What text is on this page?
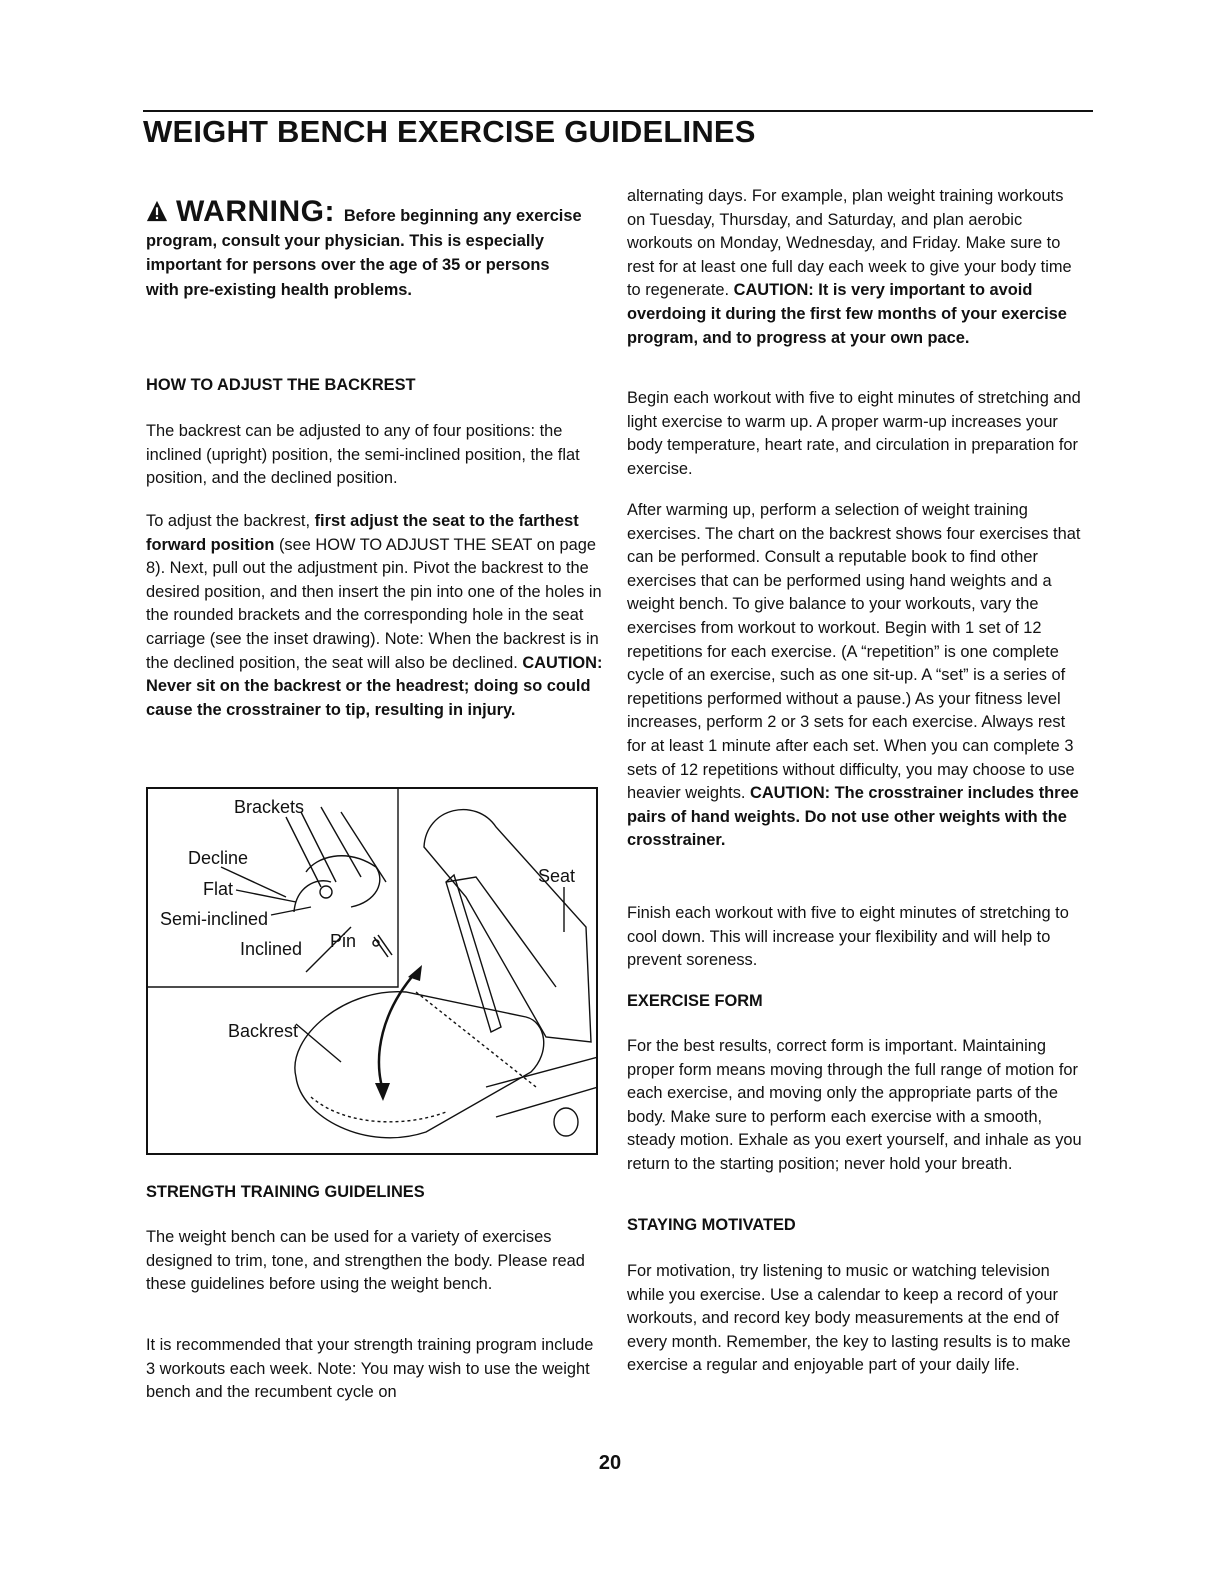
WEIGHT BENCH EXERCISE GUIDELINES
WARNING: Before beginning any exercise program, consult your physician. This is especially important for persons over the age of 35 or persons with pre-existing health problems.
HOW TO ADJUST THE BACKREST

The backrest can be adjusted to any of four positions: the inclined (upright) position, the semi-inclined position, the flat position, and the declined position.

To adjust the backrest, first adjust the seat to the farthest forward position (see HOW TO ADJUST THE SEAT on page 8). Next, pull out the adjustment pin. Pivot the backrest to the desired position, and then insert the pin into one of the holes in the rounded brackets and the corresponding hole in the seat carriage (see the inset drawing). Note: When the backrest is in the declined position, the seat will also be declined. CAUTION: Never sit on the backrest or the headrest; doing so could cause the crosstrainer to tip, resulting in injury.

Brackets
Decline
Flat
Semi-inclined
Inclined Pin
Seat
Backrest
STRENGTH TRAINING GUIDELINES

The weight bench can be used for a variety of exercises designed to trim, tone, and strengthen the body. Please read these guidelines before using the weight bench.

It is recommended that your strength training program include 3 workouts each week. Note: You may wish to use the weight bench and the recumbent cycle on

alternating days. For example, plan weight training workouts on Tuesday, Thursday, and Saturday, and plan aerobic workouts on Monday, Wednesday, and Friday. Make sure to rest for at least one full day each week to give your body time to regenerate. CAUTION: It is very important to avoid overdoing it during the first few months of your exercise program, and to progress at your own pace.

Begin each workout with five to eight minutes of stretching and light exercise to warm up. A proper warm-up increases your body temperature, heart rate, and circulation in preparation for exercise.

After warming up, perform a selection of weight training exercises. The chart on the backrest shows four exercises that can be performed. Consult a reputable book to find other exercises that can be performed using hand weights and a weight bench. To give balance to your workouts, vary the exercises from workout to workout. Begin with 1 set of 12 repetitions for each exercise. (A “repetition” is one complete cycle of an exercise, such as one sit-up. A “set” is a series of repetitions performed without a pause.) As your fitness level increases, perform 2 or 3 sets for each exercise. Always rest for at least 1 minute after each set. When you can complete 3 sets of 12 repetitions without difficulty, you may choose to use heavier weights. CAUTION: The crosstrainer includes three pairs of hand weights. Do not use other weights with the crosstrainer.

Finish each workout with five to eight minutes of stretching to cool down. This will increase your flexibility and will help to prevent soreness.

EXERCISE FORM

For the best results, correct form is important. Maintaining proper form means moving through the full range of motion for each exercise, and moving only the appropriate parts of the body. Make sure to perform each exercise with a smooth, steady motion. Exhale as you exert yourself, and inhale as you return to the starting position; never hold your breath.

STAYING MOTIVATED

For motivation, try listening to music or watching television while you exercise. Use a calendar to keep a record of your workouts, and record key body measurements at the end of every month. Remember, the key to lasting results is to make exercise a regular and enjoyable part of your daily life.

20
